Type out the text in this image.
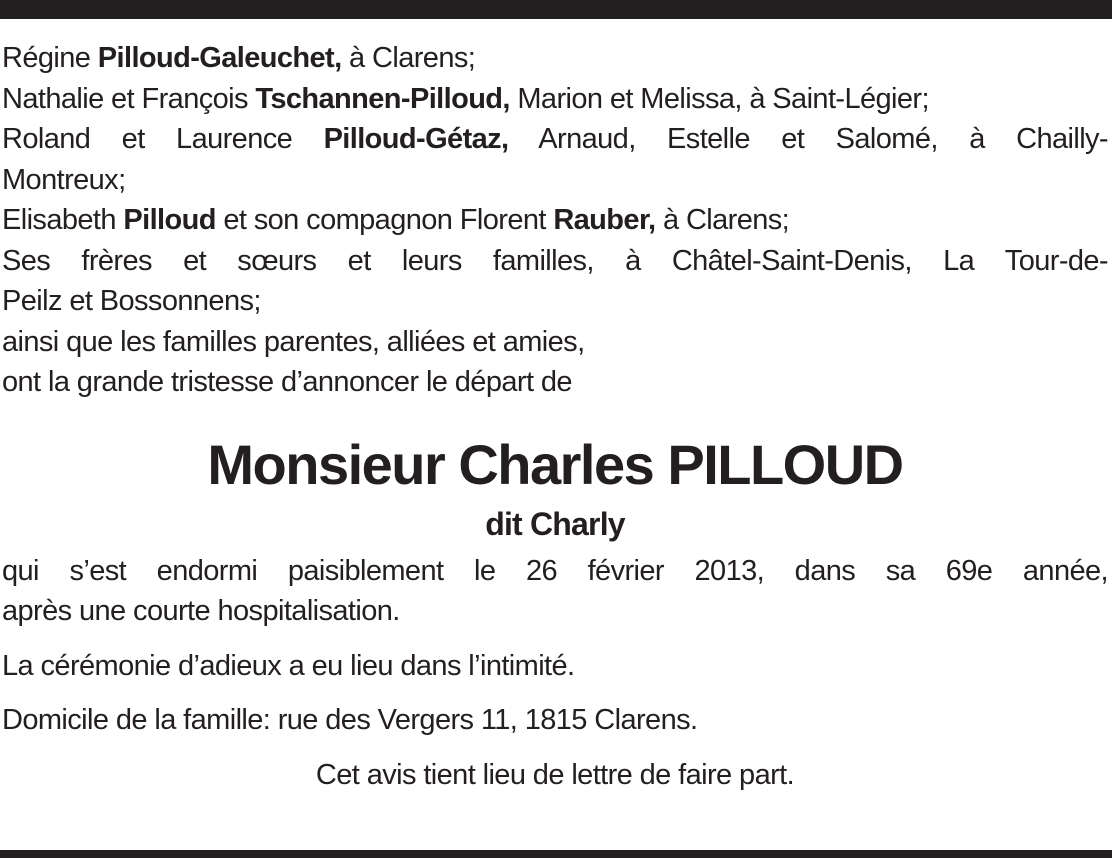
Régine Pilloud-Galeuchet, à Clarens;
Nathalie et François Tschannen-Pilloud, Marion et Melissa, à Saint-Légier;
Roland et Laurence Pilloud-Gétaz, Arnaud, Estelle et Salomé, à Chailly-
Montreux;
Elisabeth Pilloud et son compagnon Florent Rauber, à Clarens;
Ses frères et sœurs et leurs familles, à Châtel-Saint-Denis, La Tour-de-
Peilz et Bossonnens;
ainsi que les familles parentes, alliées et amies,
ont la grande tristesse d’annoncer le départ de
Monsieur Charles PILLOUD
dit Charly
qui s’est endormi paisiblement le 26 février 2013, dans sa 69e année,
après une courte hospitalisation.
La cérémonie d’adieux a eu lieu dans l’intimité.
Domicile de la famille: rue des Vergers 11, 1815 Clarens.
Cet avis tient lieu de lettre de faire part.
